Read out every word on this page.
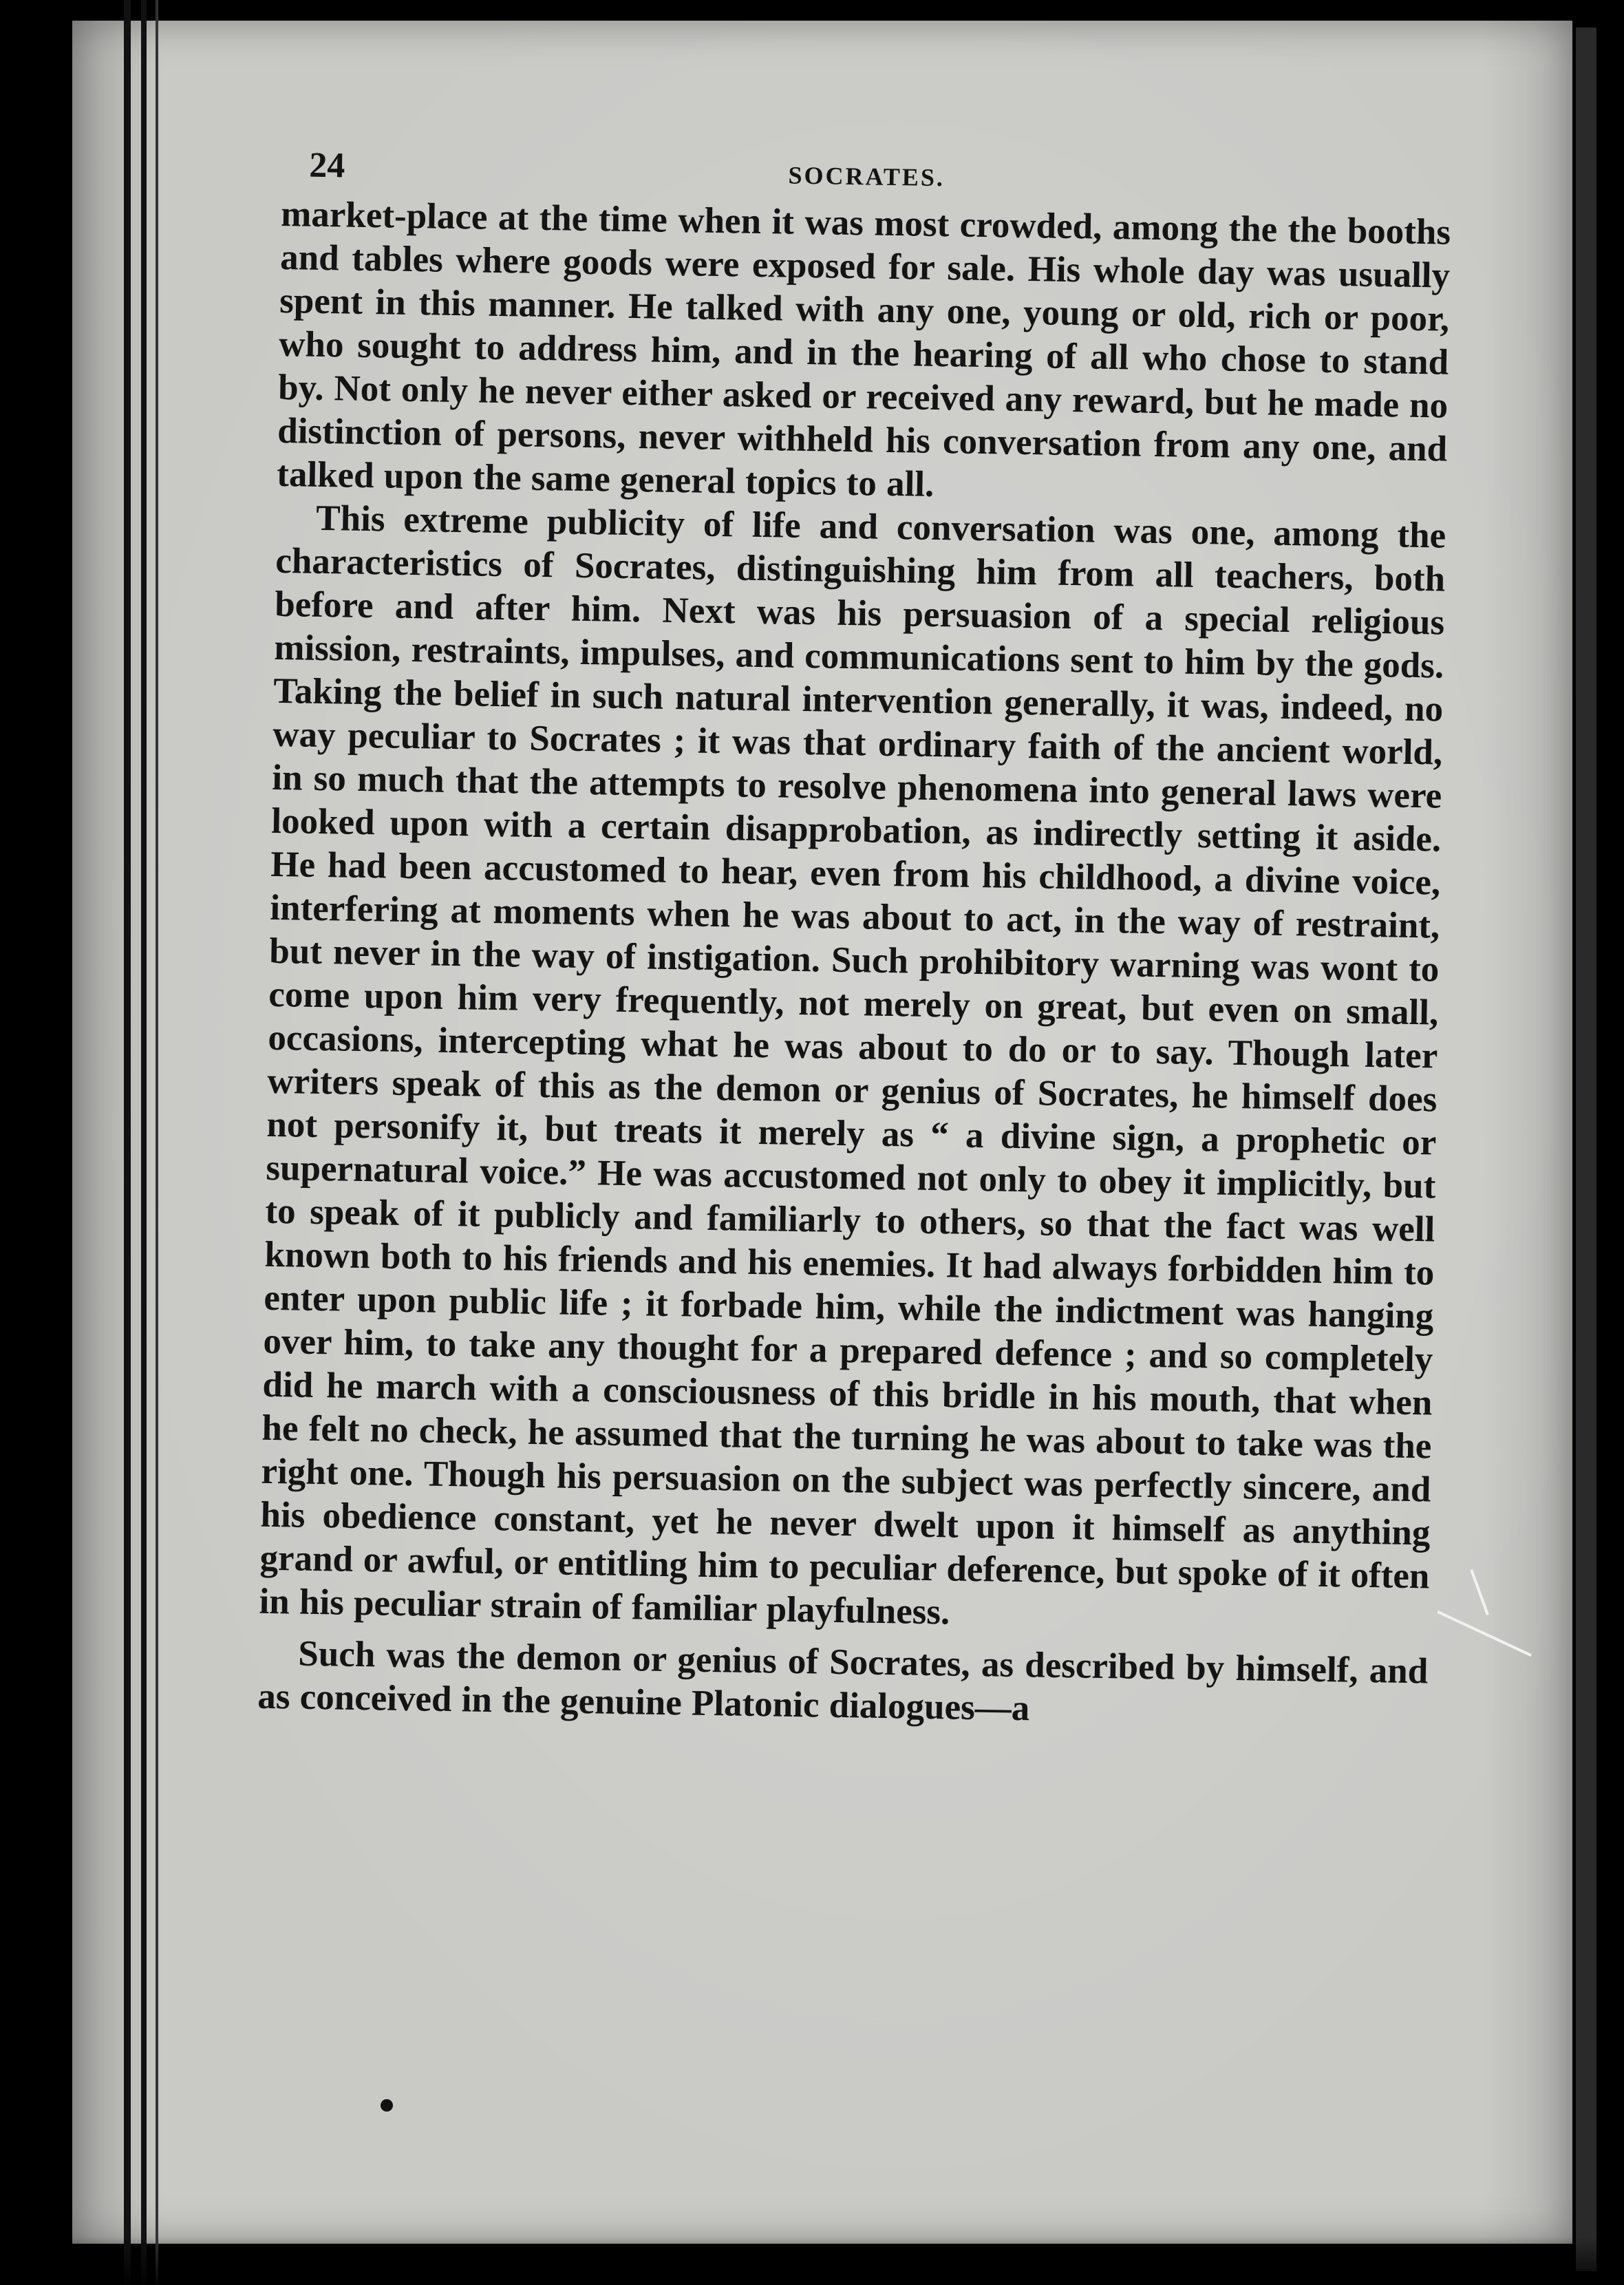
24	SOCRATES.

market-place at the time when it was most crowded, among the the booths and tables where goods were exposed for sale. His whole day was usually spent in this manner. He talked with any one, young or old, rich or poor, who sought to address him, and in the hearing of all who chose to stand by. Not only he never either asked or received any reward, but he made no distinction of persons, never withheld his conversation from any one, and talked upon the same general topics to all.

This extreme publicity of life and conversation was one, among the characteristics of Socrates, distinguishing him from all teachers, both before and after him. Next was his persuasion of a special religious mission, restraints, impulses, and communications sent to him by the gods. Taking the belief in such natural intervention generally, it was, indeed, no way peculiar to Socrates ; it was that ordinary faith of the ancient world, in so much that the attempts to resolve phenomena into general laws were looked upon with a certain disapprobation, as indirectly setting it aside. He had been accustomed to hear, even from his childhood, a divine voice, interfering at moments when he was about to act, in the way of restraint, but never in the way of instigation. Such prohibitory warning was wont to come upon him very frequently, not merely on great, but even on small, occasions, intercepting what he was about to do or to say. Though later writers speak of this as the demon or genius of Socrates, he himself does not personify it, but treats it merely as “ a divine sign, a prophetic or supernatural voice.” He was accustomed not only to obey it implicitly, but to speak of it publicly and familiarly to others, so that the fact was well known both to his friends and his enemies. It had always forbidden him to enter upon public life ; it forbade him, while the indictment was hanging over him, to take any thought for a prepared defence ; and so completely did he march with a consciousness of this bridle in his mouth, that when he felt no check, he assumed that the turning he was about to take was the right one. Though his persuasion on the subject was perfectly sincere, and his obedience constant, yet he never dwelt upon it himself as anything grand or awful, or entitling him to peculiar deference, but spoke of it often in his peculiar strain of familiar playfulness.

Such was the demon or genius of Socrates, as described by himself, and as conceived in the genuine Platonic dialogues—a
